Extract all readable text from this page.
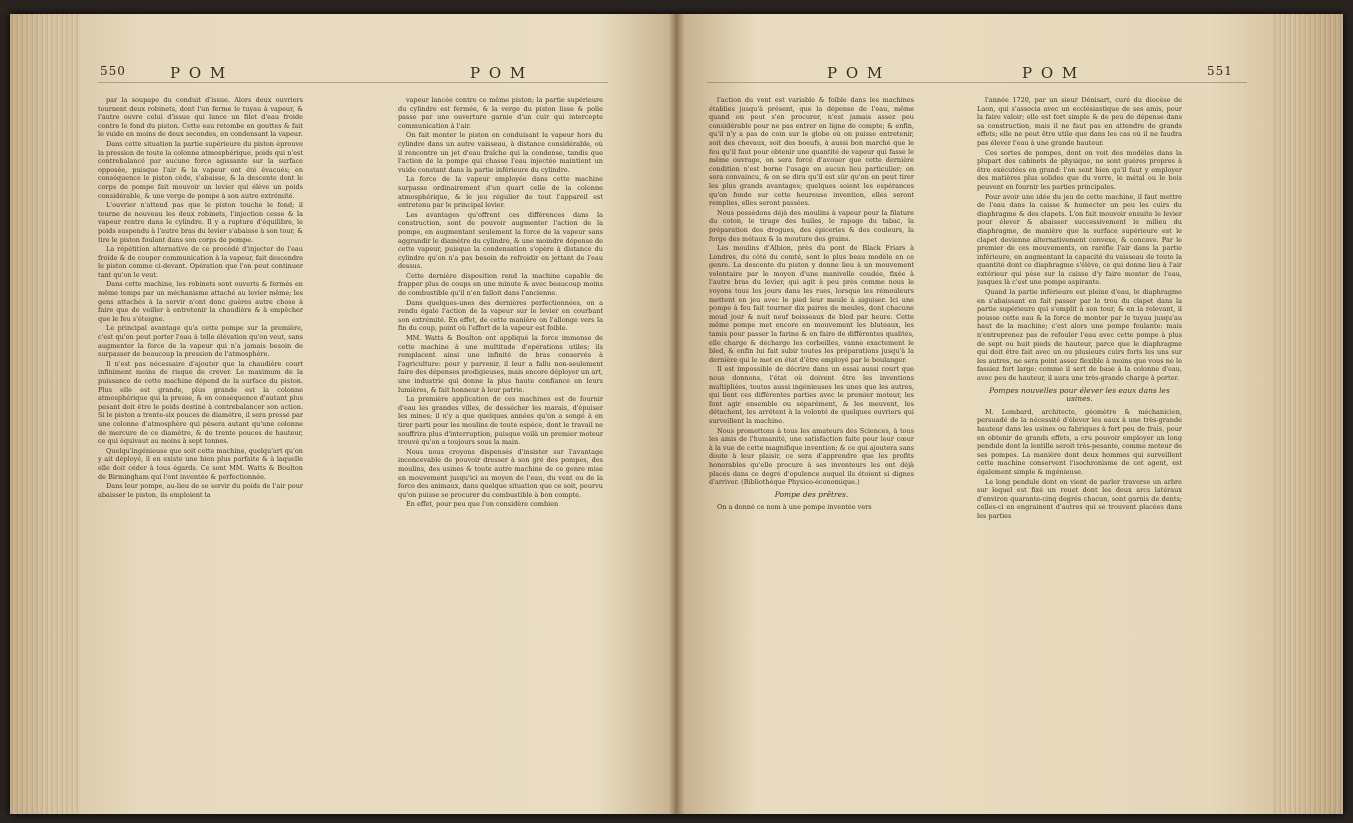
550	P O M	P O M

par la soupape du conduit d'issue. Alors deux ouvriers tournent deux robinets, dont l'un ferme le tuyau à vapeur, & l'autre ouvre celui d'issue qui lance un filet d'eau froide contre le fond du piston. Cette eau retombe en gouttes & fait le vuide en moins de deux secondes, en condensant la vapeur.

Dans cette situation la partie supérieure du piston éprouve la pression de toute la colonne atmosphérique, poids qui n'est contrebalancé par aucune force agissante sur la surface opposée, puisque l'air & la vapeur ont été évacués; en conséquence le piston cède, s'abaisse, & la descente dont le corps de pompe fait mouvoir un levier qui élève un poids considérable, & une verge de pompe à son autre extrémité.

L'ouvrier n'attend pas que le piston touche le fond; il tourne de nouveau les deux robinets, l'injection cesse & la vapeur rentre dans le cylindre. Il y a rupture d'équilibre, le poids suspendu à l'autre bras du levier s'abaisse à son tour, & tire le piston foulant dans son corps de pompe.

La répétition alternative de ce procédé d'injecter de l'eau froide & de couper communication à la vapeur, fait descendre le piston comme ci-devant. Opération que l'on peut continuer tant qu'on le veut.

Dans cette machine, les robinets sont ouverts & fermés en même temps par un méchanisme attaché au levier même; les gens attachés à la servir n'ont donc guères autre chose à faire que de veiller à entretenir la chaudière & à empêcher que le feu s'éteigne.

Le principal avantage qu'a cette pompe sur la première, c'est qu'on peut porter l'eau à telle élévation qu'on veut, sans augmenter la force de la vapeur qui n'a jamais besoin de surpasser de beaucoup la pression de l'atmosphère.

Il n'est pas nécessaire d'ajouter que la chaudière court infiniment moins de risque de crever. Le maximum de la puissance de cette machine dépend de la surface du piston. Plus elle est grande, plus grande est la colonne atmosphérique qui la presse, & en conséquence d'autant plus pesant doit être le poids destiné à contrebalancer son action. Si le piston a trente-six pouces de diamètre, il sera pressé par une colonne d'atmosphère qui pèsera autant qu'une colonne de mercure de ce diamètre, & de trente pouces de hauteur, ce qui équivaut au moins à sept tonnes.

Quelqu'ingénieuse que soit cette machine, quelqu'art qu'on y ait déployé, il en existe une bien plus parfaite & à laquelle elle doit céder à tous égards. Ce sont MM. Watts & Boulton de Birmingham qui l'ont inventée & perfectionnée.

Dans leur pompe, au-lieu de se servir du poids de l'air pour abaisser le piston, ils emploient la

vapeur lancée contre ce même piston; la partie supérieure du cylindre est fermée, & la verge du piston lisse & polie passe par une ouverture garnie d'un cuir qui intercepte communication à l'air.

On fait monter le piston en conduisant la vapeur hors du cylindre dans un autre vaisseau, à distance considérable, où il rencontre un jet d'eau fraîche qui la condense, tandis que l'action de la pompe qui chasse l'eau injectée maintient un vuide constant dans la partie inférieure du cylindre.

La force de la vapeur employée dans cette machine surpasse ordinairement d'un quart celle de la colonne atmosphérique, & le jeu régulier de tout l'appareil est entretenu par le principal levier.

Les avantages qu'offrent ces différences dans la construction, sont de pouvoir augmenter l'action de la pompe, en augmentant seulement la force de la vapeur sans aggrandir le diamètre du cylindre, & une moindre dépense de cette vapeur, puisque la condensation s'opère à distance du cylindre qu'on n'a pas besoin de refroidir en jettant de l'eau dessus.

Cette dernière disposition rend la machine capable de frapper plus de coups en une minute & avec beaucoup moins de combustible qu'il n'en falloit dans l'ancienne.

Dans quelques-unes des dernières perfectionnées, on a rendu égale l'action de la vapeur sur le levier en courbant son extrémité. En effet, de cette manière on l'allonge vers la fin du coup, point où l'effort de la vapeur est foible.

MM. Watts & Boulton ont appliqué la force immense de cette machine à une multitude d'opérations utiles; ils remplacent ainsi une infinité de bras conservés à l'agriculture: pour y parvenir, il leur a fallu non-seulement faire des dépenses prodigieuses, mais encore déployer un art, une industrie qui donne la plus haute confiance en leurs lumières, & fait honneur à leur patrie.

La première application de ces machines est de fournir d'eau les grandes villes, de dessécher les marais, d'épuiser les mines; il n'y a que quelques années qu'on a songé à en tirer parti pour les moulins de toute espèce, dont le travail ne souffrira plus d'interruption, puisque voilà un premier moteur trouvé qu'on a toujours sous la main.

Nous nous croyons dispensés d'insister sur l'avantage inconcevable de pouvoir dresser à son gré des pompes, des moulins, des usines & toute autre machine de ce genre mise en mouvement jusqu'ici au moyen de l'eau, du vent ou de la force des animaux, dans quelque situation que ce soit, pourvu qu'on puisse se procurer du combustible à bon compte.

En effet, pour peu que l'on considère combien

P O M	P O M	551

l'action du vent est variable & foible dans les machines établies jusqu'à présent, que la dépense de l'eau, même quand on peut s'en procurer, n'est jamais assez peu considérable pour ne pas entrer en ligne de compte; & enfin, qu'il n'y a pas de coin sur le globe où on puisse entretenir, soit des chevaux, soit des boeufs, à aussi bon marché que le feu qu'il faut pour obtenir une quantité de vapeur qui fasse le même ouvrage, on sera forcé d'avouer que cette dernière condition n'est borne l'usage en aucun lieu particulier; on sera convaincu, & on se dira qu'il est sûr qu'on en peut tirer les plus grands avantages; quelques soient les espérances qu'on fonde sur cette heureuse invention, elles seront remplies, elles seront passées.

Nous possédons déjà des moulins à vapeur pour la filature du coton, le tirage des huiles, le rapage du tabac, la préparation des drogues, des épiceries & des couleurs, la forge des métaux & la mouture des grains.

Les moulins d'Albion, près du pont de Black Friars à Londres, du côté du comté, sont le plus beau modèle en ce genre. La descente du piston y donne lieu à un mouvement volontaire par le moyen d'une manivelle coudée, fixée à l'autre bras du levier, qui agit à peu près comme nous le voyons tous les jours dans les rues, lorsque les rémouleurs mettent en jeu avec le pied leur meule à aiguiser. Ici une pompe à feu fait tourner dix paires de meules, dont chacune moud jour & nuit neuf boisseaux de bled par heure. Cette même pompe met encore en mouvement les bluteaux, les tamis pour passer la farine & en faire de différentes qualités, elle charge & décharge les corbeilles, vanne exactement le bled, & enfin lui fait subir toutes les préparations jusqu'à la dernière qui le met en état d'être employé par le boulanger.

Il est impossible de décrire dans un essai aussi court que nous donnons, l'état où doivent être les inventions multipliées, toutes aussi ingénieuses les unes que les autres, qui lient ces différentes parties avec le premier moteur, les font agir ensemble ou séparément, & les meuvent, les détachent, les arrêtent à la volonté de quelques ouvriers qui surveillent la machine.

Nous promettons à tous les amateurs des Sciences, à tous les amis de l'humanité, une satisfaction faite pour leur cœur à la vue de cette magnifique invention; & ce qui ajoutera sans doute à leur plaisir, ce sera d'apprendre que les profits honorables qu'elle procure à ses inventeurs les ont déjà placés dans ce degré d'opulence auquel ils étoient si dignes d'arriver. (Bibliothèque Physico-économique.)

Pompe des prêtres.

On a donné ce nom à une pompe inventée vers

l'année 1720, par un sieur Dénisart, curé du diocèse de Laon, qui s'associa avec un ecclésiastique de ses amis, pour la faire valoir; elle est fort simple & de peu de dépense dans sa construction, mais il ne faut pas en attendre de grands effets; elle ne peut être utile que dans les cas où il ne faudra pas élever l'eau à une grande hauteur.

Ces sortes de pompes, dont on voit des modèles dans la plupart des cabinets de physique, ne sont guères propres à être exécutées en grand: l'on sent bien qu'il faut y employer des matières plus solides que du verre, le métal ou le bois peuvent en fournir les parties principales.

Pour avoir une idée du jeu de cette machine, il faut mettre de l'eau dans la caisse & humecter un peu les cuirs du diaphragme & des clapets. L'on fait mouvoir ensuite le levier pour élever & abaisser successivement le milieu du diaphragme, de manière que la surface supérieure est le clapet devienne alternativement convexe, & concave. Par le premier de ces mouvements, on raréfie l'air dans la partie inférieure, en augmentant la capacité du vaisseau de toute la quantité dont ce diaphragme s'élève, ce qui donne lieu à l'air extérieur qui pèse sur la caisse d'y faire monter de l'eau, jusques là c'est une pompe aspirante.

Quand la partie inférieure est pleine d'eau, le diaphragme en s'abaissant en fait passer par le trou du clapet dans la partie supérieure qui s'emplit à son tour, & en la relevant, il pousse cette eau & la force de monter par le tuyau jusqu'au haut de la machine; c'est alors une pompe foulante: mais n'entreprenez pas de refouler l'eau avec cette pompe à plus de sept ou huit pieds de hauteur, parce que le diaphragme qui doit être fait avec un ou plusieurs cuirs forts les uns sur les autres, ne sera point assez flexible à moins que vous ne le fassiez fort large: comme il sert de base à la colonne d'eau, avec peu de hauteur, il aura une très-grande charge à porter.

Pompes nouvelles pour élever les eaux dans les usines.

M. Lombard, architecte, géomètre & méchanicien, persuadé de la nécessité d'élever les eaux à une très-grande hauteur dans les usines ou fabriques à fort peu de frais, pour en obtenir de grands effets, a cru pouvoir employer un long pendule dont la lentille seroit très-pesante, comme moteur de ses pompes. La manière dont deux hommes qui surveillent cette machine conservent l'isochronisme de cet agent, est également simple & ingénieuse.

Le long pendule dont on vient de parler traverse un arbre sur lequel est fixé un rouet dont les deux arcs latéraux d'environ quarante-cinq degrés chacun, sont garnis de dents; celles-ci en engrainent d'autres qui se trouvent placées dans les parties
